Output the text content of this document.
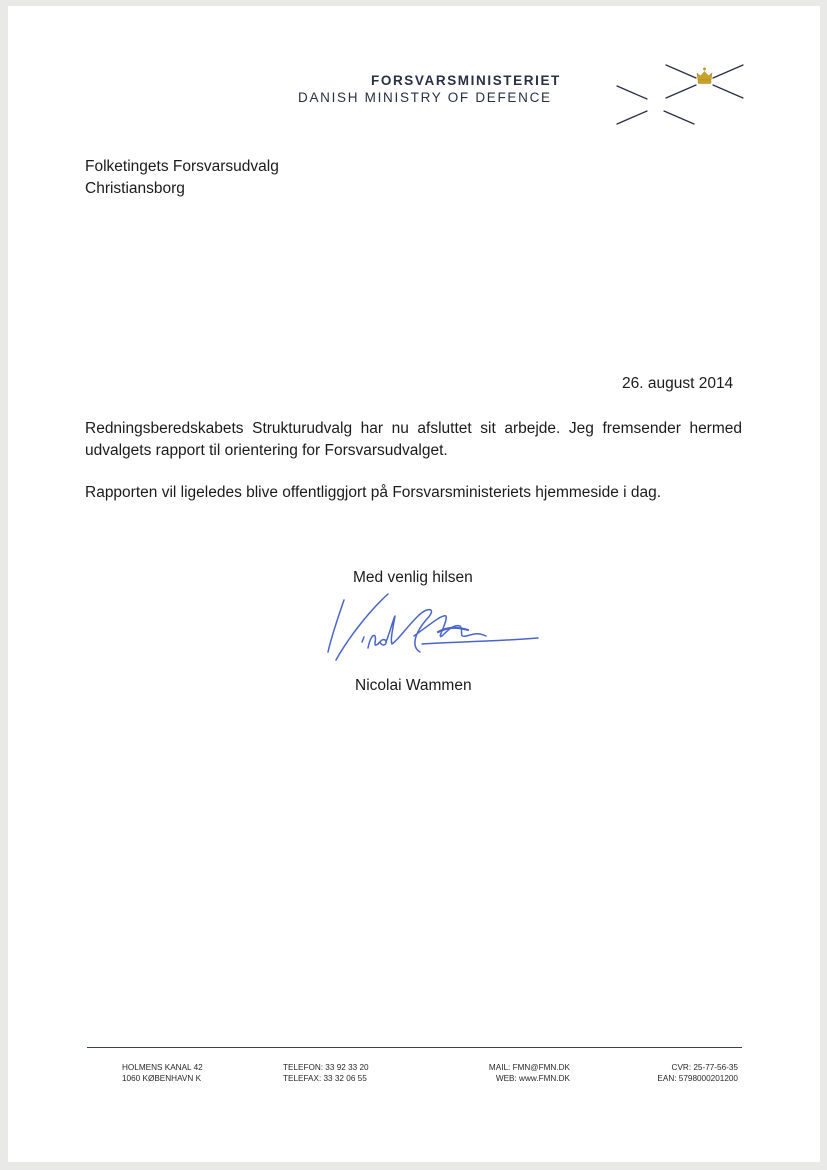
FORSVARSMINISTERIET
DANISH MINISTRY OF DEFENCE
Folketingets Forsvarsudvalg
Christiansborg
26. august 2014
Redningsberedskabets Strukturudvalg har nu afsluttet sit arbejde. Jeg fremsender hermed udvalgets rapport til orientering for Forsvarsudvalget.
Rapporten vil ligeledes blive offentliggjort på Forsvarsministeriets hjemmeside i dag.
Med venlig hilsen
Nicolai Wammen
HOLMENS KANAL 42
1060 KØBENHAVN K
TELEFON: 33 92 33 20
TELEFAX: 33 32 06 55
MAIL: FMN@FMN.DK
WEB: www.FMN.DK
CVR: 25-77-56-35
EAN: 5798000201200
